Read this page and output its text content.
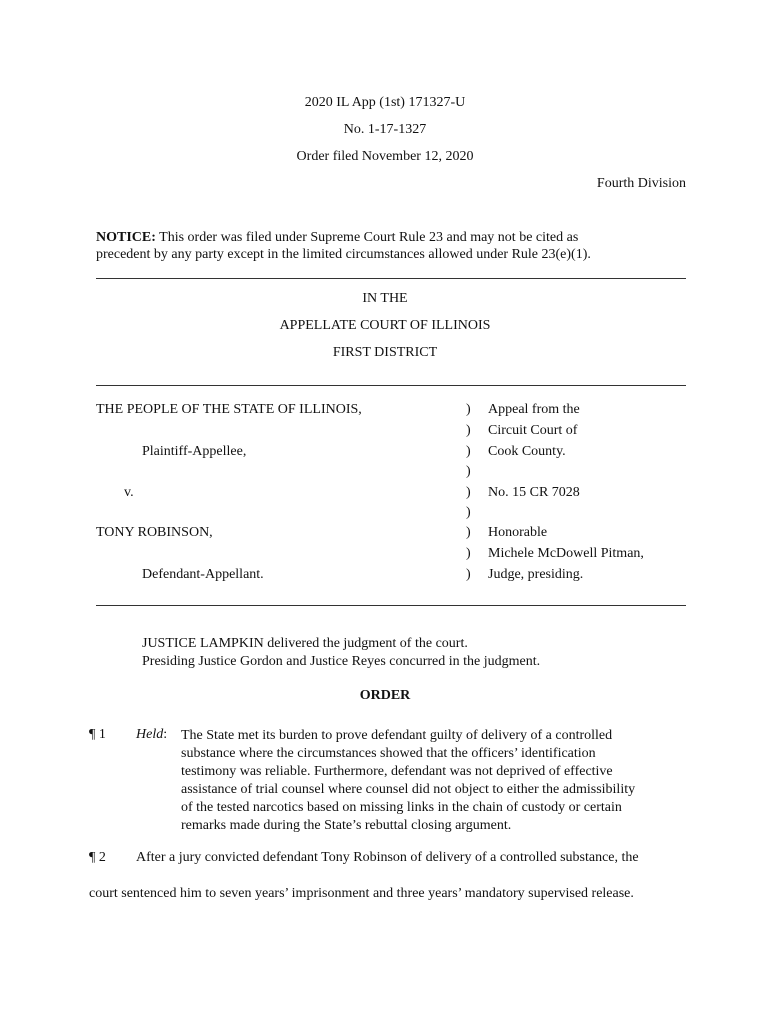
2020 IL App (1st) 171327-U
No. 1-17-1327
Order filed November 12, 2020
Fourth Division
NOTICE: This order was filed under Supreme Court Rule 23 and may not be cited as
precedent by any party except in the limited circumstances allowed under Rule 23(e)(1).
IN THE
APPELLATE COURT OF ILLINOIS
FIRST DISTRICT
THE PEOPLE OF THE STATE OF ILLINOIS,
Plaintiff-Appellee,
v.
TONY ROBINSON,
Defendant-Appellant.
)
)
)
)
)
)
)
)
)
Appeal from the
Circuit Court of
Cook County.
No. 15 CR 7028
Honorable
Michele McDowell Pitman,
Judge, presiding.
JUSTICE LAMPKIN delivered the judgment of the court.
Presiding Justice Gordon and Justice Reyes concurred in the judgment.
ORDER
¶ 1 Held: The State met its burden to prove defendant guilty of delivery of a controlled
substance where the circumstances showed that the officers’ identification
testimony was reliable. Furthermore, defendant was not deprived of effective
assistance of trial counsel where counsel did not object to either the admissibility
of the tested narcotics based on missing links in the chain of custody or certain
remarks made during the State’s rebuttal closing argument.
¶ 2 After a jury convicted defendant Tony Robinson of delivery of a controlled substance, the
court sentenced him to seven years’ imprisonment and three years’ mandatory supervised release.
